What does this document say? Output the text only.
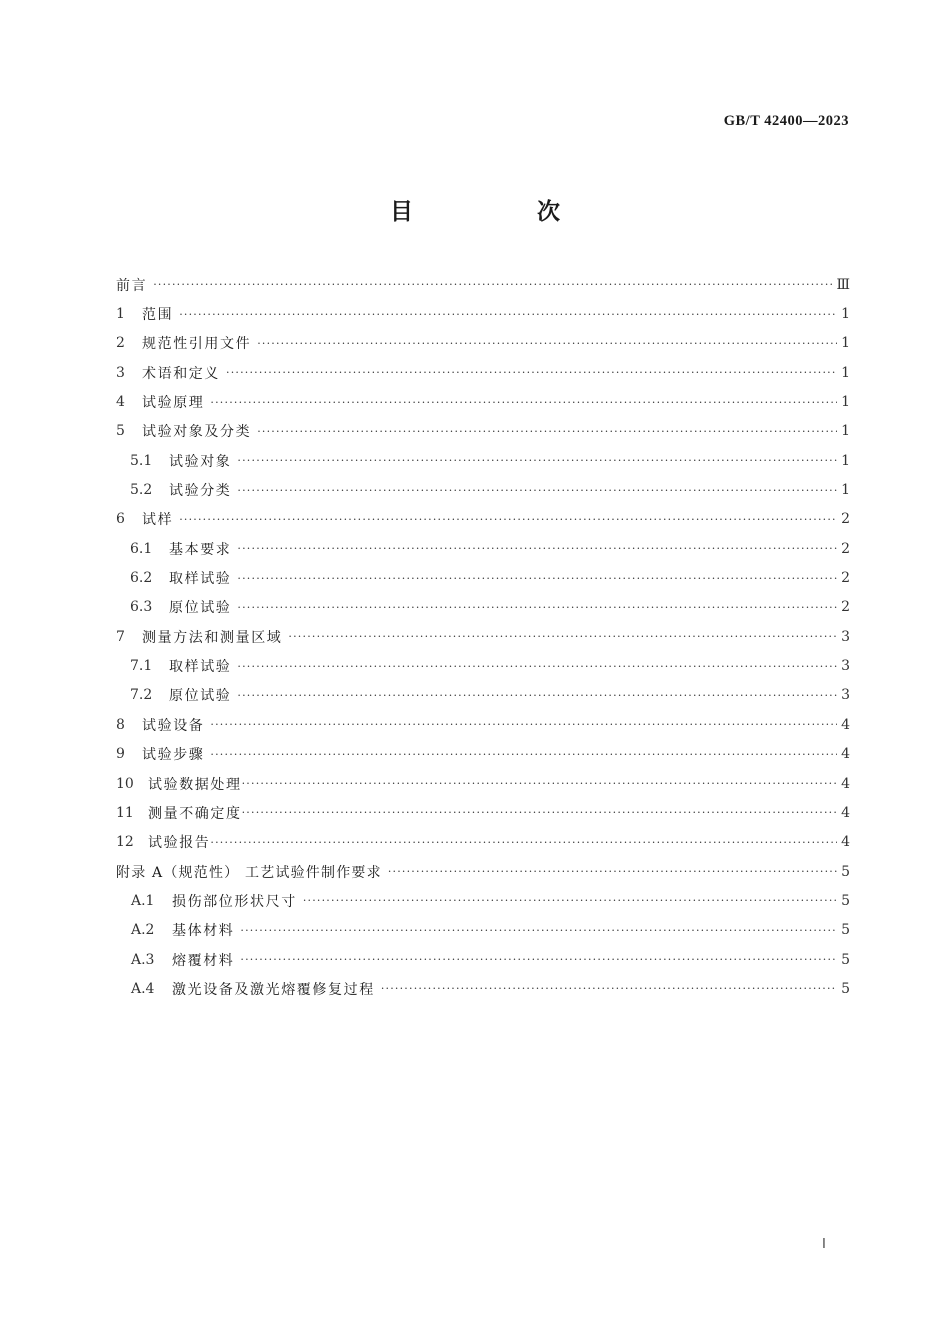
GB/T 42400—2023
目 次
前言 ·····	Ⅲ
1	范围 ·····	1
2	规范性引用文件 ·····	1
3	术语和定义 ·····	1
4	试验原理 ·····	1
5	试验对象及分类 ·····	1
5.1	试验对象 ·····	1
5.2	试验分类 ·····	1
6	试样 ·····	2
6.1	基本要求 ·····	2
6.2	取样试验 ·····	2
6.3	原位试验 ·····	2
7	测量方法和测量区域 ·····	3
7.1	取样试验 ·····	3
7.2	原位试验 ·····	3
8	试验设备 ·····	4
9	试验步骤 ·····	4
10	试验数据处理 ·····	4
11	测量不确定度 ·····	4
12	试验报告 ·····	4
附录 A（规范性） 工艺试验件制作要求 ·····	5
A.1	损伤部位形状尺寸 ·····	5
A.2	基体材料 ·····	5
A.3	熔覆材料 ·····	5
A.4	激光设备及激光熔覆修复过程 ·····	5
Ⅰ
